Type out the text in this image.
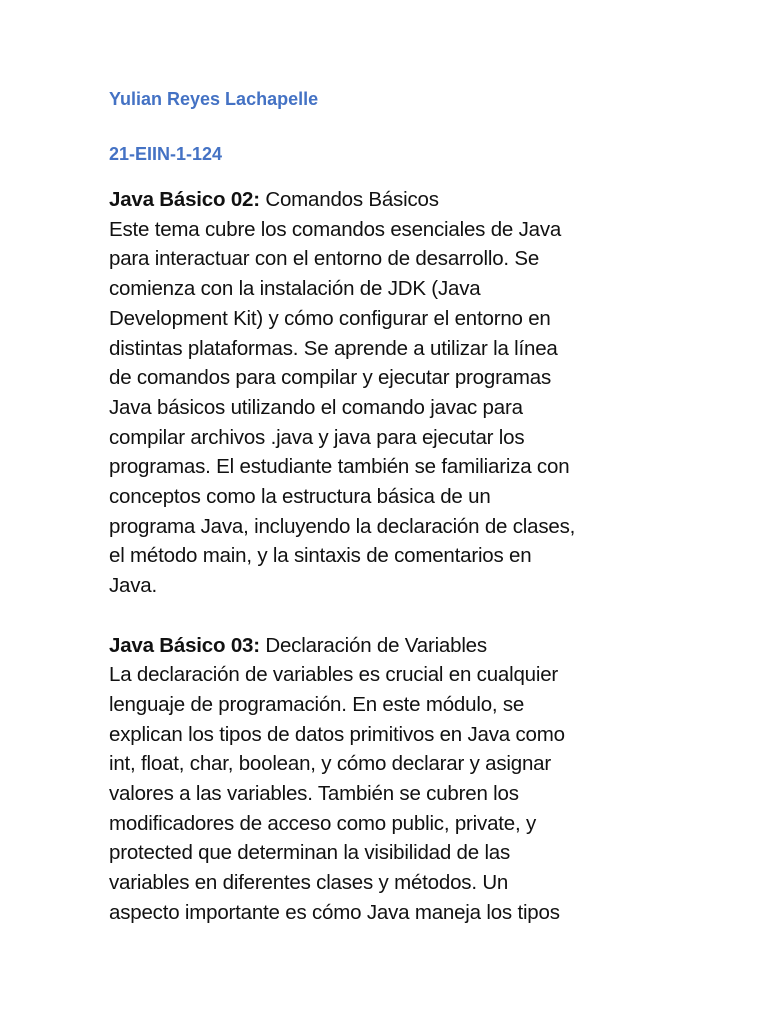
Yulian Reyes Lachapelle

21-EIIN-1-124

Java Básico 02: Comandos Básicos
Este tema cubre los comandos esenciales de Java
para interactuar con el entorno de desarrollo. Se
comienza con la instalación de JDK (Java
Development Kit) y cómo configurar el entorno en
distintas plataformas. Se aprende a utilizar la línea
de comandos para compilar y ejecutar programas
Java básicos utilizando el comando javac para
compilar archivos .java y java para ejecutar los
programas. El estudiante también se familiariza con
conceptos como la estructura básica de un
programa Java, incluyendo la declaración de clases,
el método main, y la sintaxis de comentarios en
Java.
Java Básico 03: Declaración de Variables
La declaración de variables es crucial en cualquier
lenguaje de programación. En este módulo, se
explican los tipos de datos primitivos en Java como
int, float, char, boolean, y cómo declarar y asignar
valores a las variables. También se cubren los
modificadores de acceso como public, private, y
protected que determinan la visibilidad de las
variables en diferentes clases y métodos. Un
aspecto importante es cómo Java maneja los tipos
